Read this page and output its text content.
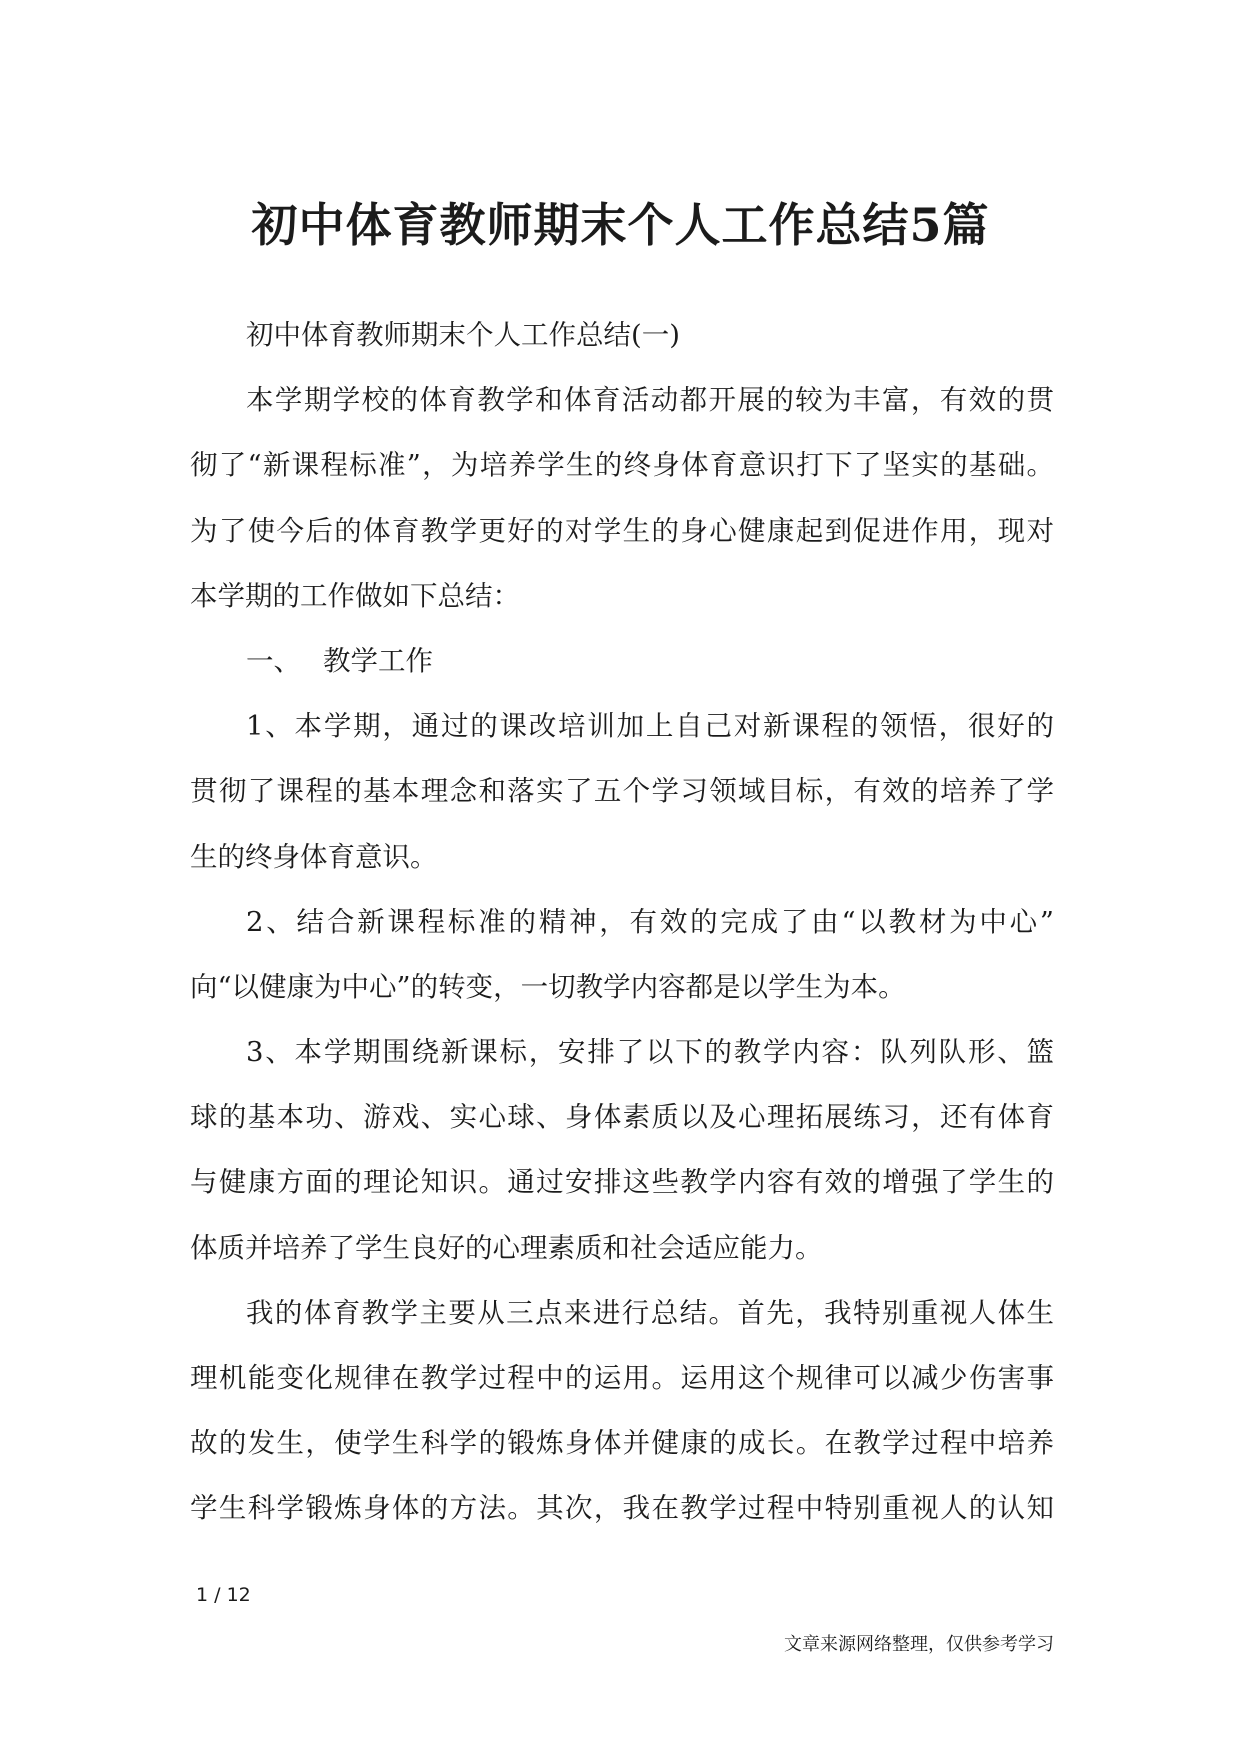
初中体育教师期末个人工作总结5篇
初中体育教师期末个人工作总结(一)
本学期学校的体育教学和体育活动都开展的较为丰富，有效的贯
彻了“新课程标准”，为培养学生的终身体育意识打下了坚实的基础。
为了使今后的体育教学更好的对学生的身心健康起到促进作用，现对
本学期的工作做如下总结：
一、 教学工作
1、本学期，通过的课改培训加上自己对新课程的领悟，很好的
贯彻了课程的基本理念和落实了五个学习领域目标，有效的培养了学
生的终身体育意识。
2、结合新课程标准的精神，有效的完成了由“以教材为中心”
向“以健康为中心”的转变，一切教学内容都是以学生为本。
3、本学期围绕新课标，安排了以下的教学内容：队列队形、篮
球的基本功、游戏、实心球、身体素质以及心理拓展练习，还有体育
与健康方面的理论知识。通过安排这些教学内容有效的增强了学生的
体质并培养了学生良好的心理素质和社会适应能力。
我的体育教学主要从三点来进行总结。首先，我特别重视人体生
理机能变化规律在教学过程中的运用。运用这个规律可以减少伤害事
故的发生，使学生科学的锻炼身体并健康的成长。在教学过程中培养
学生科学锻炼身体的方法。其次，我在教学过程中特别重视人的认知
1 / 12
文章来源网络整理，仅供参考学习
